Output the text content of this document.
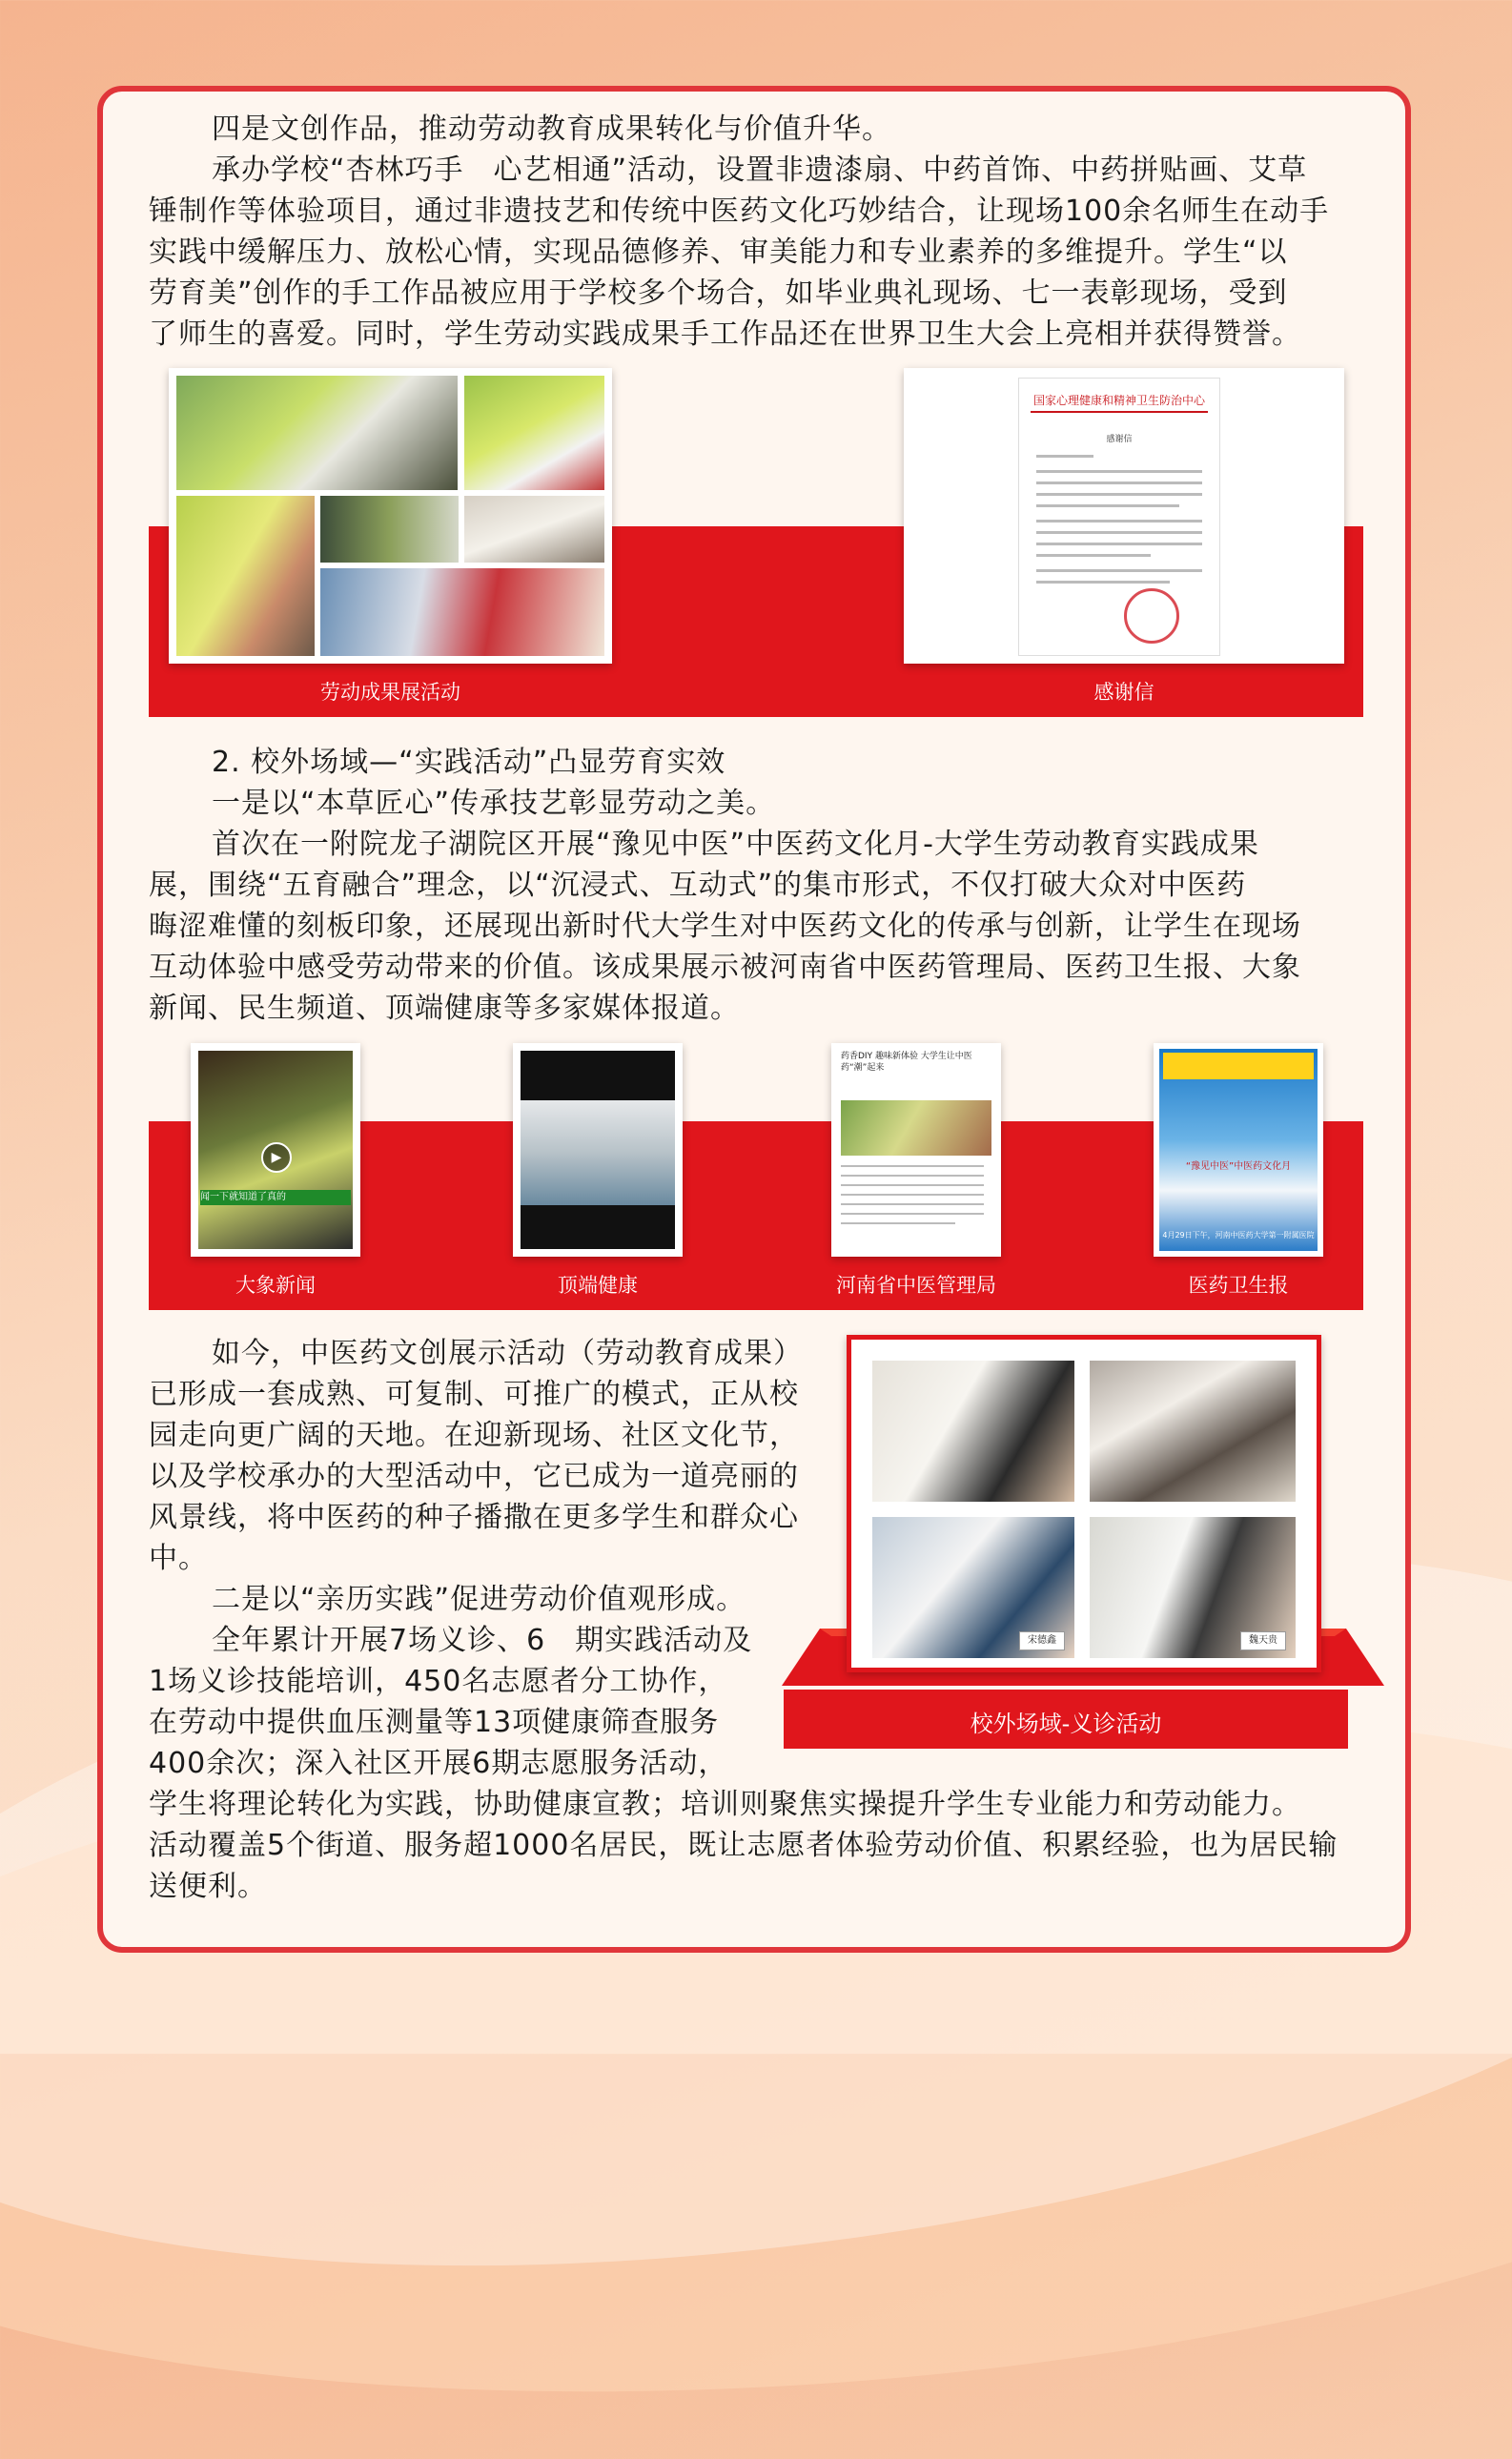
四是文创作品，推动劳动教育成果转化与价值升华。
承办学校“杏林巧手　心艺相通”活动，设置非遗漆扇、中药首饰、中药拼贴画、艾草
锤制作等体验项目，通过非遗技艺和传统中医药文化巧妙结合，让现场100余名师生在动手
实践中缓解压力、放松心情，实现品德修养、审美能力和专业素养的多维提升。学生“以
劳育美”创作的手工作品被应用于学校多个场合，如毕业典礼现场、七一表彰现场，受到
了师生的喜爱。同时，学生劳动实践成果手工作品还在世界卫生大会上亮相并获得赞誉。
劳动成果展活动
国家心理健康和精神卫生防治中心
感谢信
感谢信
2. 校外场域—“实践活动”凸显劳育实效
一是以“本草匠心”传承技艺彰显劳动之美。
首次在一附院龙子湖院区开展“豫见中医”中医药文化月-大学生劳动教育实践成果
展，围绕“五育融合”理念，以“沉浸式、互动式”的集市形式，不仅打破大众对中医药
晦涩难懂的刻板印象，还展现出新时代大学生对中医药文化的传承与创新，让学生在现场
互动体验中感受劳动带来的价值。该成果展示被河南省中医药管理局、医药卫生报、大象
新闻、民生频道、顶端健康等多家媒体报道。
▶
闻一下就知道了真的
大象新闻	顶端健康
药香DIY 趣味新体验 大学生让中医药“潮”起来
河南省中医管理局
“豫见中医”中医药文化月
4月29日下午，河南中医药大学第一附属医院
医药卫生报
如今，中医药文创展示活动（劳动教育成果）
已形成一套成熟、可复制、可推广的模式，正从校
园走向更广阔的天地。在迎新现场、社区文化节，
以及学校承办的大型活动中，它已成为一道亮丽的
风景线，将中医药的种子播撒在更多学生和群众心
中。
二是以“亲历实践”促进劳动价值观形成。
全年累计开展7场义诊、6　期实践活动及
1场义诊技能培训，450名志愿者分工协作，
在劳动中提供血压测量等13项健康筛查服务
400余次；深入社区开展6期志愿服务活动，
学生将理论转化为实践，协助健康宣教；培训则聚焦实操提升学生专业能力和劳动能力。
活动覆盖5个街道、服务超1000名居民，既让志愿者体验劳动价值、积累经验，也为居民输
送便利。
校外场域-义诊活动
宋德鑫	魏天贵
